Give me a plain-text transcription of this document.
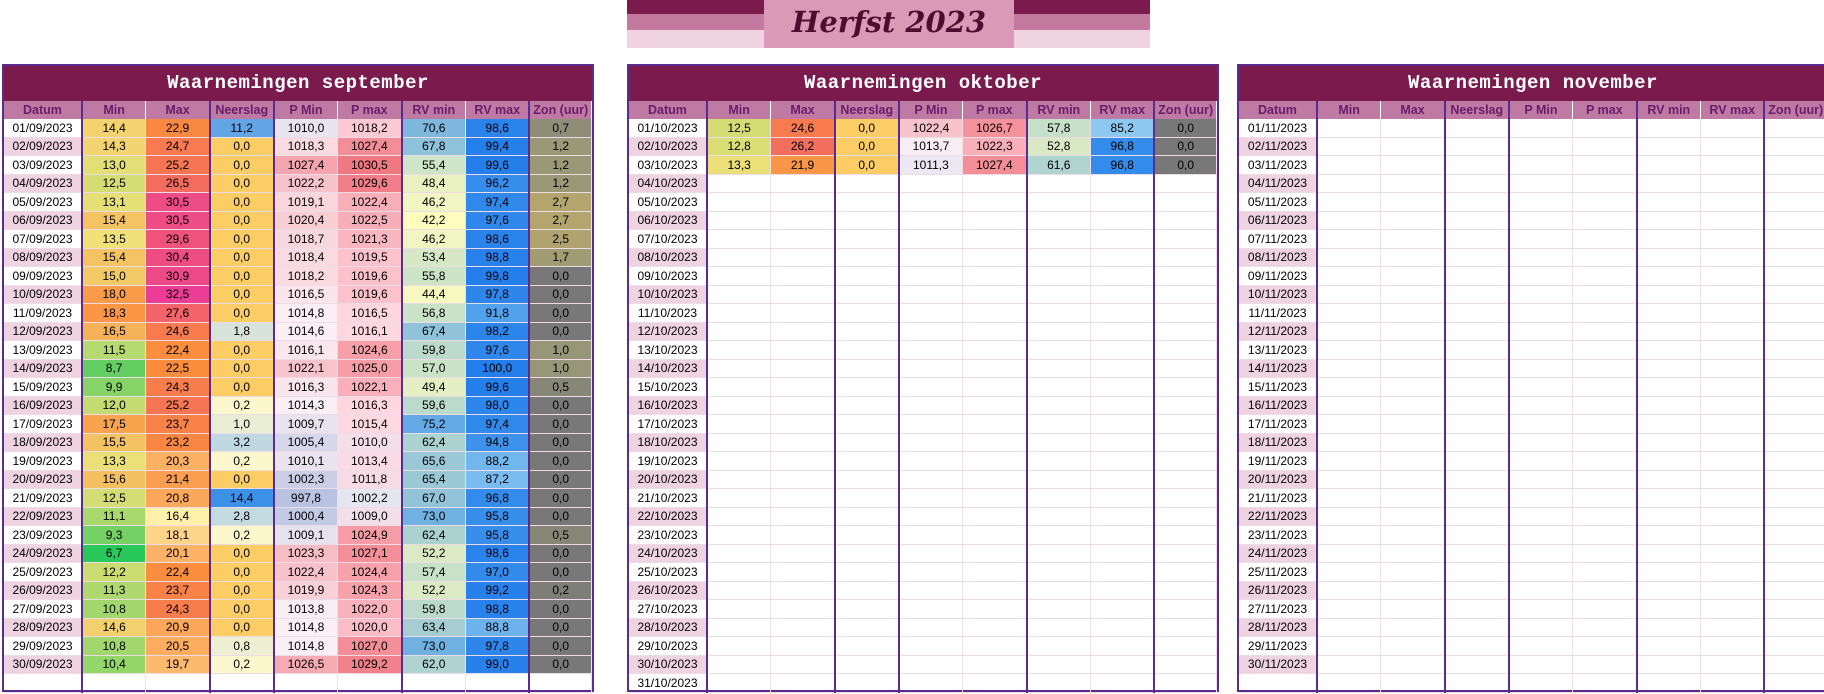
Herfst 2023
Waarnemingen september
Datum	Min	Max	Neerslag	P Min	P max	RV min	RV max	Zon (uur)
01/09/2023	14,4	22,9	11,2	1010,0	1018,2	70,6	98,6	0,7
02/09/2023	14,3	24,7	0,0	1018,3	1027,4	67,8	99,4	1,2
03/09/2023	13,0	25,2	0,0	1027,4	1030,5	55,4	99,6	1,2
04/09/2023	12,5	26,5	0,0	1022,2	1029,6	48,4	96,2	1,2
05/09/2023	13,1	30,5	0,0	1019,1	1022,4	46,2	97,4	2,7
06/09/2023	15,4	30,5	0,0	1020,4	1022,5	42,2	97,6	2,7
07/09/2023	13,5	29,6	0,0	1018,7	1021,3	46,2	98,6	2,5
08/09/2023	15,4	30,4	0,0	1018,4	1019,5	53,4	98,8	1,7
09/09/2023	15,0	30,9	0,0	1018,2	1019,6	55,8	99,8	0,0
10/09/2023	18,0	32,5	0,0	1016,5	1019,6	44,4	97,8	0,0
11/09/2023	18,3	27,6	0,0	1014,8	1016,5	56,8	91,8	0,0
12/09/2023	16,5	24,6	1,8	1014,6	1016,1	67,4	98,2	0,0
13/09/2023	11,5	22,4	0,0	1016,1	1024,6	59,8	97,6	1,0
14/09/2023	8,7	22,5	0,0	1022,1	1025,0	57,0	100,0	1,0
15/09/2023	9,9	24,3	0,0	1016,3	1022,1	49,4	99,6	0,5
16/09/2023	12,0	25,2	0,2	1014,3	1016,3	59,6	98,0	0,0
17/09/2023	17,5	23,7	1,0	1009,7	1015,4	75,2	97,4	0,0
18/09/2023	15,5	23,2	3,2	1005,4	1010,0	62,4	94,8	0,0
19/09/2023	13,3	20,3	0,2	1010,1	1013,4	65,6	88,2	0,0
20/09/2023	15,6	21,4	0,0	1002,3	1011,8	65,4	87,2	0,0
21/09/2023	12,5	20,8	14,4	997,8	1002,2	67,0	96,8	0,0
22/09/2023	11,1	16,4	2,8	1000,4	1009,0	73,0	95,8	0,0
23/09/2023	9,3	18,1	0,2	1009,1	1024,9	62,4	95,8	0,5
24/09/2023	6,7	20,1	0,0	1023,3	1027,1	52,2	98,6	0,0
25/09/2023	12,2	22,4	0,0	1022,4	1024,4	57,4	97,0	0,0
26/09/2023	11,3	23,7	0,0	1019,9	1024,3	52,2	99,2	0,2
27/09/2023	10,8	24,3	0,0	1013,8	1022,0	59,8	98,8	0,0
28/09/2023	14,6	20,9	0,0	1014,8	1020,0	63,4	88,8	0,0
29/09/2023	10,8	20,5	0,8	1014,8	1027,0	73,0	97,8	0,0
30/09/2023	10,4	19,7	0,2	1026,5	1029,2	62,0	99,0	0,0

Waarnemingen oktober
Datum	Min	Max	Neerslag	P Min	P max	RV min	RV max	Zon (uur)
01/10/2023	12,5	24,6	0,0	1022,4	1026,7	57,8	85,2	0,0
02/10/2023	12,8	26,2	0,0	1013,7	1022,3	52,8	96,8	0,0
03/10/2023	13,3	21,9	0,0	1011,3	1027,4	61,6	96,8	0,0
04/10/2023								
05/10/2023								
06/10/2023								
07/10/2023								
08/10/2023								
09/10/2023								
10/10/2023								
11/10/2023								
12/10/2023								
13/10/2023								
14/10/2023								
15/10/2023								
16/10/2023								
17/10/2023								
18/10/2023								
19/10/2023								
20/10/2023								
21/10/2023								
22/10/2023								
23/10/2023								
24/10/2023								
25/10/2023								
26/10/2023								
27/10/2023								
28/10/2023								
29/10/2023								
30/10/2023								
31/10/2023								
Waarnemingen november
Datum	Min	Max	Neerslag	P Min	P max	RV min	RV max	Zon (uur)
01/11/2023								
02/11/2023								
03/11/2023								
04/11/2023								
05/11/2023								
06/11/2023								
07/11/2023								
08/11/2023								
09/11/2023								
10/11/2023								
11/11/2023								
12/11/2023								
13/11/2023								
14/11/2023								
15/11/2023								
16/11/2023								
17/11/2023								
18/11/2023								
19/11/2023								
20/11/2023								
21/11/2023								
22/11/2023								
23/11/2023								
24/11/2023								
25/11/2023								
26/11/2023								
27/11/2023								
28/11/2023								
29/11/2023								
30/11/2023								
